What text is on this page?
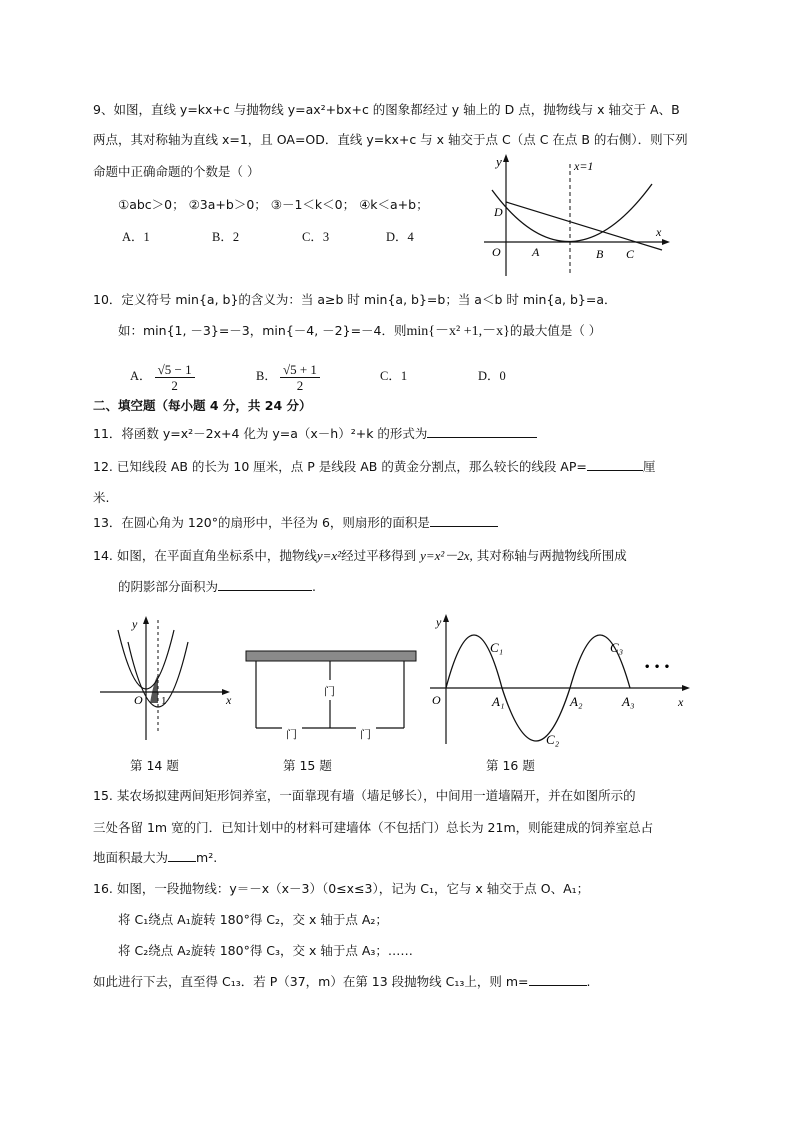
9、如图，直线 y=kx+c 与抛物线 y=ax²+bx+c 的图象都经过 y 轴上的 D 点，抛物线与 x 轴交于 A、B
两点，其对称轴为直线 x=1，且 OA=OD．直线 y=kx+c 与 x 轴交于点 C（点 C 在点 B 的右侧）．则下列
命题中正确命题的个数是（ ）
①abc＞0； ②3a+b＞0； ③－1＜k＜0； ④k＜a+b；
A．1	B．2	C．3	D．4
y	x=1
D
x
O	A	B C
10．定义符号 min{a, b}的含义为：当 a≥b 时 min{a, b}=b；当 a＜b 时 min{a, b}=a．
如：min{1, －3}=－3，min{－4, －2}=－4．则min{－x² +1,－x}的最大值是（ ）
A． $\frac{√5 - 1}{2}$	B． $\frac{√5 + 1}{2}$	C．1	D．0
二、填空题（每小题 4 分，共 24 分）
11．将函数 y=x²－2x+4 化为 y=a（x－h）²+k 的形式为
12. 已知线段 AB 的长为 10 厘米，点 P 是线段 AB 的黄金分割点，那么较长的线段 AP=	厘
米.
13．在圆心角为 120°的扇形中，半径为 6，则扇形的面积是
14. 如图，在平面直角坐标系中，抛物线y=x²经过平移得到 y=x²－2x, 其对称轴与两抛物线所围成
的阴影部分面积为	.
y
O 1	x
第 14 题
门
门	门
第 15 题
y
C₁
C₂
C₃
O	A₁	A₂	A₃	x
• • •
第 16 题
15. 某农场拟建两间矩形饲养室，一面靠现有墙（墙足够长），中间用一道墙隔开，并在如图所示的
三处各留 1m 宽的门．已知计划中的材料可建墙体（不包括门）总长为 21m，则能建成的饲养室总占
地面积最大为 m².
16. 如图，一段抛物线：y＝－x（x－3）（0≤x≤3），记为 C₁，它与 x 轴交于点 O、A₁；
将 C₁绕点 A₁旋转 180°得 C₂，交 x 轴于点 A₂；
将 C₂绕点 A₂旋转 180°得 C₃，交 x 轴于点 A₃；……
如此进行下去，直至得 C₁₃．若 P（37，m）在第 13 段抛物线 C₁₃上，则 m=	.
